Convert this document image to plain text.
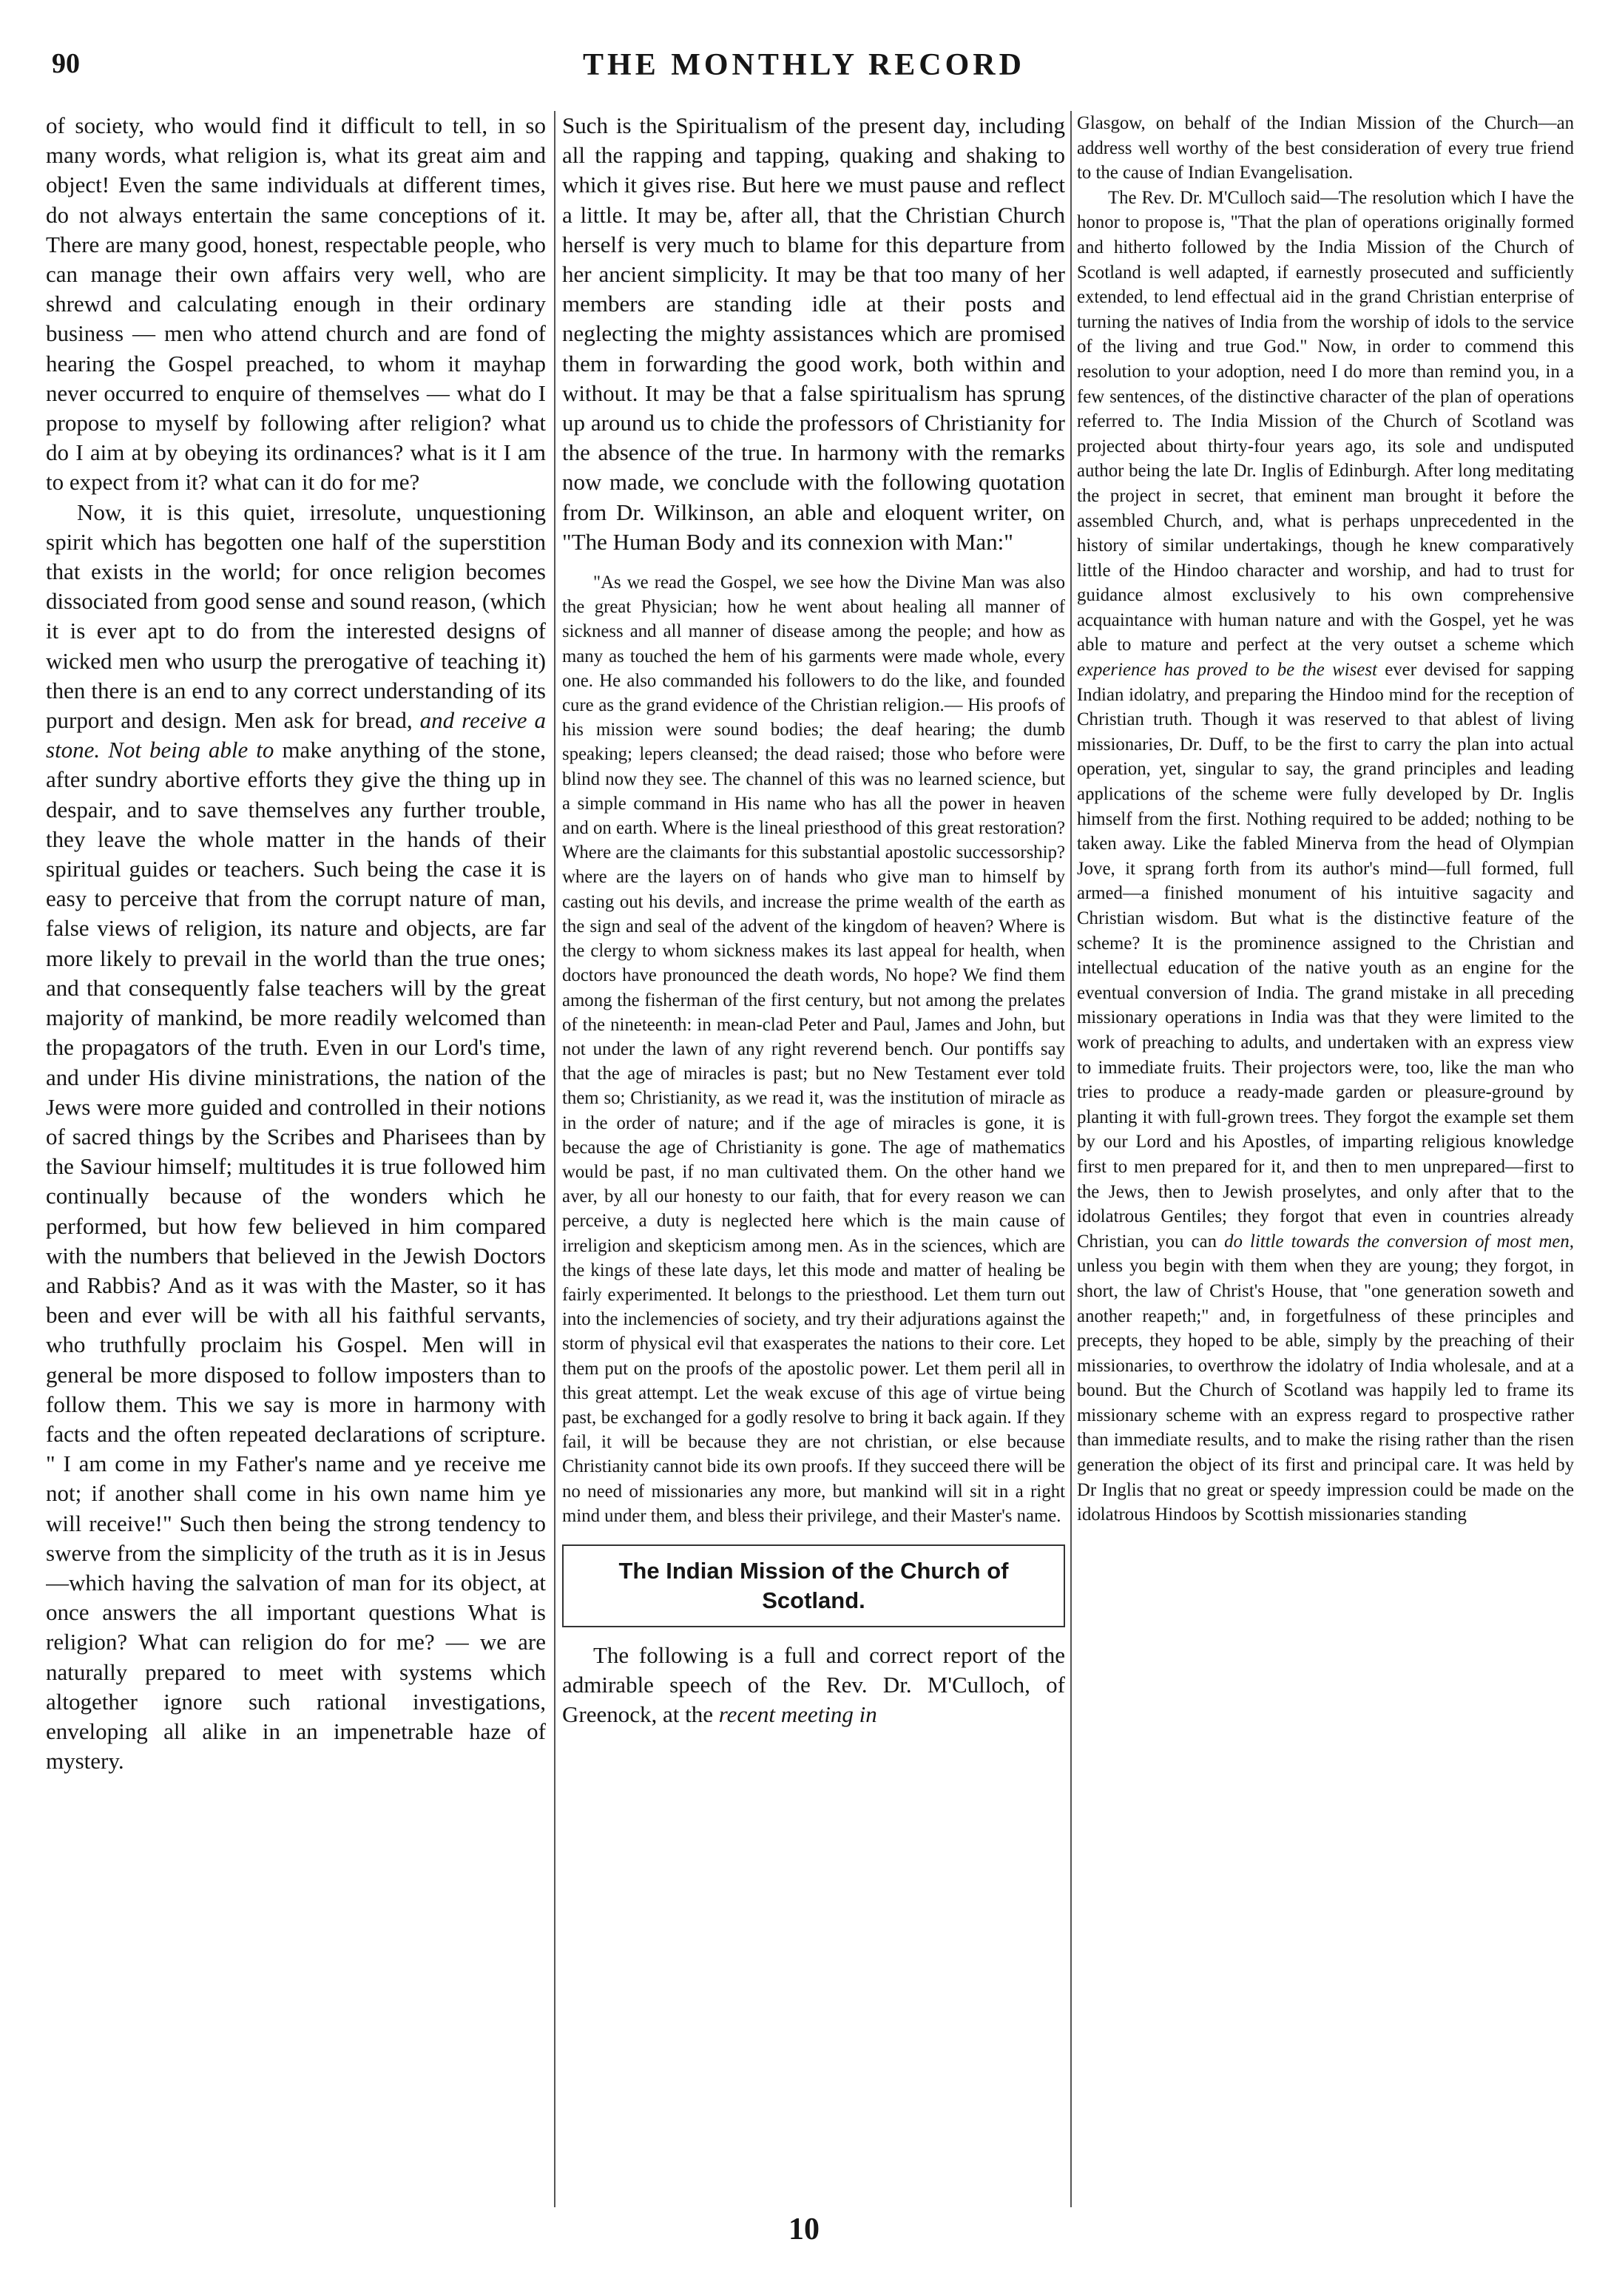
90	THE MONTHLY RECORD

of society, who would find it difficult to tell, in so many words, what religion is, what its great aim and object! Even the same individuals at different times, do not always entertain the same conceptions of it. There are many good, honest, respectable people, who can manage their own affairs very well, who are shrewd and calculating enough in their ordinary business — men who attend church and are fond of hearing the Gospel preached, to whom it mayhap never occurred to enquire of themselves — what do I propose to myself by following after religion? what do I aim at by obeying its ordinances? what is it I am to expect from it? what can it do for me?

Now, it is this quiet, irresolute, unquestioning spirit which has begotten one half of the superstition that exists in the world; for once religion becomes dissociated from good sense and sound reason, (which it is ever apt to do from the interested designs of wicked men who usurp the prerogative of teaching it) then there is an end to any correct understanding of its purport and design. Men ask for bread, and receive a stone. Not being able to make anything of the stone, after sundry abortive efforts they give the thing up in despair, and to save themselves any further trouble, they leave the whole matter in the hands of their spiritual guides or teachers. Such being the case it is easy to perceive that from the corrupt nature of man, false views of religion, its nature and objects, are far more likely to prevail in the world than the true ones; and that consequently false teachers will by the great majority of mankind, be more readily welcomed than the propagators of the truth. Even in our Lord's time, and under His divine ministrations, the nation of the Jews were more guided and controlled in their notions of sacred things by the Scribes and Pharisees than by the Saviour himself; multitudes it is true followed him continually because of the wonders which he performed, but how few believed in him compared with the numbers that believed in the Jewish Doctors and Rabbis? And as it was with the Master, so it has been and ever will be with all his faithful servants, who truthfully proclaim his Gospel. Men will in general be more disposed to follow imposters than to follow them. This we say is more in harmony with facts and the often repeated declarations of scripture. " I am come in my Father's name and ye receive me not; if another shall come in his own name him ye will receive!" Such then being the strong tendency to swerve from the simplicity of the truth as it is in Jesus—which having the salvation of man for its object, at once answers the all important questions What is religion? What can religion do for me? — we are naturally prepared to meet with systems which altogether ignore such rational investigations, enveloping all alike in an impenetrable haze of mystery.

Such is the Spiritualism of the present day, including all the rapping and tapping, quaking and shaking to which it gives rise. But here we must pause and reflect a little. It may be, after all, that the Christian Church herself is very much to blame for this departure from her ancient simplicity. It may be that too many of her members are standing idle at their posts and neglecting the mighty assistances which are promised them in forwarding the good work, both within and without. It may be that a false spiritualism has sprung up around us to chide the professors of Christianity for the absence of the true. In harmony with the remarks now made, we conclude with the following quotation from Dr. Wilkinson, an able and eloquent writer, on "The Human Body and its connexion with Man:"

"As we read the Gospel, we see how the Divine Man was also the great Physician; how he went about healing all manner of sickness and all manner of disease among the people; and how as many as touched the hem of his garments were made whole, every one. He also commanded his followers to do the like, and founded cure as the grand evidence of the Christian religion.— His proofs of his mission were sound bodies; the deaf hearing; the dumb speaking; lepers cleansed; the dead raised; those who before were blind now they see. The channel of this was no learned science, but a simple command in His name who has all the power in heaven and on earth. Where is the lineal priesthood of this great restoration? Where are the claimants for this substantial apostolic successorship? where are the layers on of hands who give man to himself by casting out his devils, and increase the prime wealth of the earth as the sign and seal of the advent of the kingdom of heaven? Where is the clergy to whom sickness makes its last appeal for health, when doctors have pronounced the death words, No hope? We find them among the fisherman of the first century, but not among the prelates of the nineteenth: in mean-clad Peter and Paul, James and John, but not under the lawn of any right reverend bench. Our pontiffs say that the age of miracles is past; but no New Testament ever told them so; Christianity, as we read it, was the institution of miracle as in the order of nature; and if the age of miracles is gone, it is because the age of Christianity is gone. The age of mathematics would be past, if no man cultivated them. On the other hand we aver, by all our honesty to our faith, that for every reason we can perceive, a duty is neglected here which is the main cause of irreligion and skepticism among men. As in the sciences, which are the kings of these late days, let this mode and matter of healing be fairly experimented. It belongs to the priesthood. Let them turn out into the inclemencies of society, and try their adjurations against the storm of physical evil that exasperates the nations to their core. Let them put on the proofs of the apostolic power. Let them peril all in this great attempt. Let the weak excuse of this age of virtue being past, be exchanged for a godly resolve to bring it back again. If they fail, it will be because they are not christian, or else because Christianity cannot bide its own proofs. If they succeed there will be no need of missionaries any more, but mankind will sit in a right mind under them, and bless their privilege, and their Master's name.

The Indian Mission of the Church of Scotland.

The following is a full and correct report of the admirable speech of the Rev. Dr. M'Culloch, of Greenock, at the recent meeting in

Glasgow, on behalf of the Indian Mission of the Church—an address well worthy of the best consideration of every true friend to the cause of Indian Evangelisation.

The Rev. Dr. M'Culloch said—The resolution which I have the honor to propose is, "That the plan of operations originally formed and hitherto followed by the India Mission of the Church of Scotland is well adapted, if earnestly prosecuted and sufficiently extended, to lend effectual aid in the grand Christian enterprise of turning the natives of India from the worship of idols to the service of the living and true God." Now, in order to commend this resolution to your adoption, need I do more than remind you, in a few sentences, of the distinctive character of the plan of operations referred to. The India Mission of the Church of Scotland was projected about thirty-four years ago, its sole and undisputed author being the late Dr. Inglis of Edinburgh. After long meditating the project in secret, that eminent man brought it before the assembled Church, and, what is perhaps unprecedented in the history of similar undertakings, though he knew comparatively little of the Hindoo character and worship, and had to trust for guidance almost exclusively to his own comprehensive acquaintance with human nature and with the Gospel, yet he was able to mature and perfect at the very outset a scheme which experience has proved to be the wisest ever devised for sapping Indian idolatry, and preparing the Hindoo mind for the reception of Christian truth. Though it was reserved to that ablest of living missionaries, Dr. Duff, to be the first to carry the plan into actual operation, yet, singular to say, the grand principles and leading applications of the scheme were fully developed by Dr. Inglis himself from the first. Nothing required to be added; nothing to be taken away. Like the fabled Minerva from the head of Olympian Jove, it sprang forth from its author's mind—full formed, full armed—a finished monument of his intuitive sagacity and Christian wisdom. But what is the distinctive feature of the scheme? It is the prominence assigned to the Christian and intellectual education of the native youth as an engine for the eventual conversion of India. The grand mistake in all preceding missionary operations in India was that they were limited to the work of preaching to adults, and undertaken with an express view to immediate fruits. Their projectors were, too, like the man who tries to produce a ready-made garden or pleasure-ground by planting it with full-grown trees. They forgot the example set them by our Lord and his Apostles, of imparting religious knowledge first to men prepared for it, and then to men unprepared—first to the Jews, then to Jewish proselytes, and only after that to the idolatrous Gentiles; they forgot that even in countries already Christian, you can do little towards the conversion of most men, unless you begin with them when they are young; they forgot, in short, the law of Christ's House, that "one generation soweth and another reapeth;" and, in forgetfulness of these principles and precepts, they hoped to be able, simply by the preaching of their missionaries, to overthrow the idolatry of India wholesale, and at a bound. But the Church of Scotland was happily led to frame its missionary scheme with an express regard to prospective rather than immediate results, and to make the rising rather than the risen generation the object of its first and principal care. It was held by Dr Inglis that no great or speedy impression could be made on the idolatrous Hindoos by Scottish missionaries standing

10
